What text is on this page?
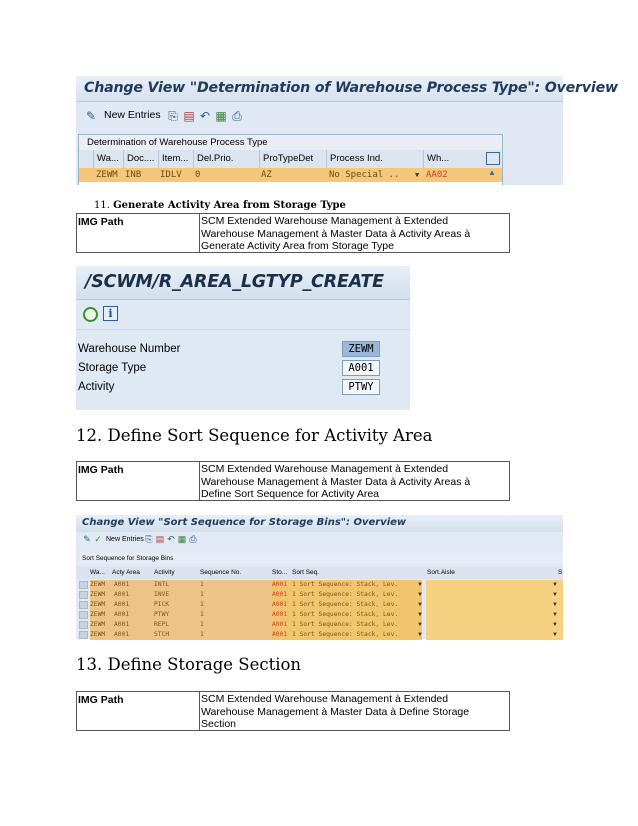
Change View "Determination of Warehouse Process Type": Overview
✎ New Entries ⎘ ▤ ↶ ▦ ⎙
Determination of Warehouse Process Type
Wa... Doc.... Item... Del.Prio.	ProTypeDet	Process Ind.	Wh...
ZEWM INB	IDLV	0	AZ	No Special ..	▼ AA02	▲
11. Generate Activity Area from Storage Type
IMG Path	SCM Extended Warehouse Management à Extended
Warehouse Management à Master Data à Activity Areas à
Generate Activity Area from Storage Type
/SCWM/R_AREA_LGTYP_CREATE
i
Warehouse Number	ZEWM
Storage Type	A001
Activity	PTWY
12. Define Sort Sequence for Activity Area
IMG Path	SCM Extended Warehouse Management à Extended
Warehouse Management à Master Data à Activity Areas à
Define Sort Sequence for Activity Area
Change View "Sort Sequence for Storage Bins": Overview
✎ ✓ New Entries ⎘ ▤ ↶ ▦ ⎙
Sort Sequence for Storage Bins
Wa...	Acty Area	Activity	Sequence No.	Sto... Sort Seq.	Sort.Aisle	S
ZEWM	A001	INTL	1	A001 1 Sort Sequence: Stack, Lev.	▼	▼
ZEWM	A001	INVE	1	A001 1 Sort Sequence: Stack, Lev.	▼	▼
ZEWM	A001	PICK	1	A001 1 Sort Sequence: Stack, Lev.	▼	▼
ZEWM	A001	PTWY	1	A001 1 Sort Sequence: Stack, Lev.	▼	▼
ZEWM	A001	REPL	1	A001 1 Sort Sequence: Stack, Lev.	▼	▼
ZEWM	A001	STCH	1	A001 1 Sort Sequence: Stack, Lev.	▼	▼
13. Define Storage Section
IMG Path	SCM Extended Warehouse Management à Extended
Warehouse Management à Master Data à Define Storage
Section
